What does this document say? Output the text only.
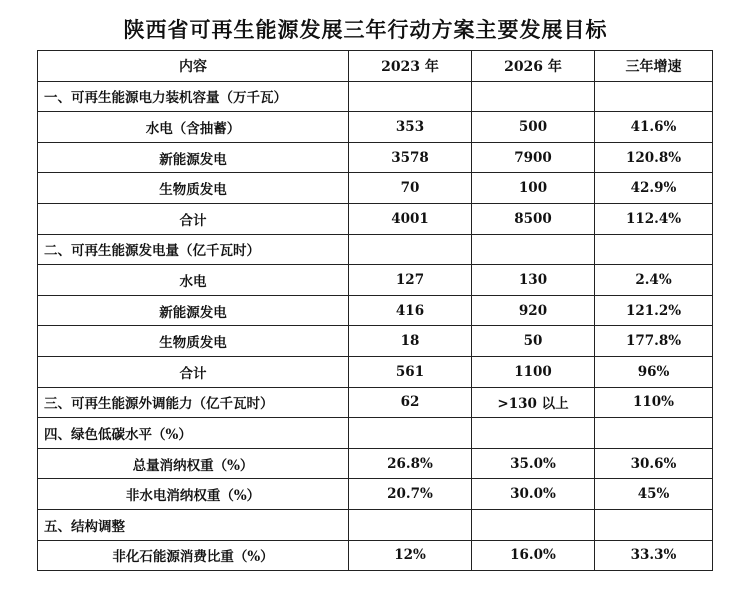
陕西省可再生能源发展三年行动方案主要发展目标
内容	2023 年	2026 年	三年增速
一、可再生能源电力装机容量（万千瓦）			
水电（含抽蓄）	353	500	41.6%
新能源发电	3578	7900	120.8%
生物质发电	70	100	42.9%
合计	4001	8500	112.4%
二、可再生能源发电量（亿千瓦时）			
水电	127	130	2.4%
新能源发电	416	920	121.2%
生物质发电	18	50	177.8%
合计	561	1100	96%
三、可再生能源外调能力（亿千瓦时）	62	>130 以上	110%
四、绿色低碳水平（%）			
总量消纳权重（%）	26.8%	35.0%	30.6%
非水电消纳权重（%）	20.7%	30.0%	45%
五、结构调整			
非化石能源消费比重（%）	12%	16.0%	33.3%
